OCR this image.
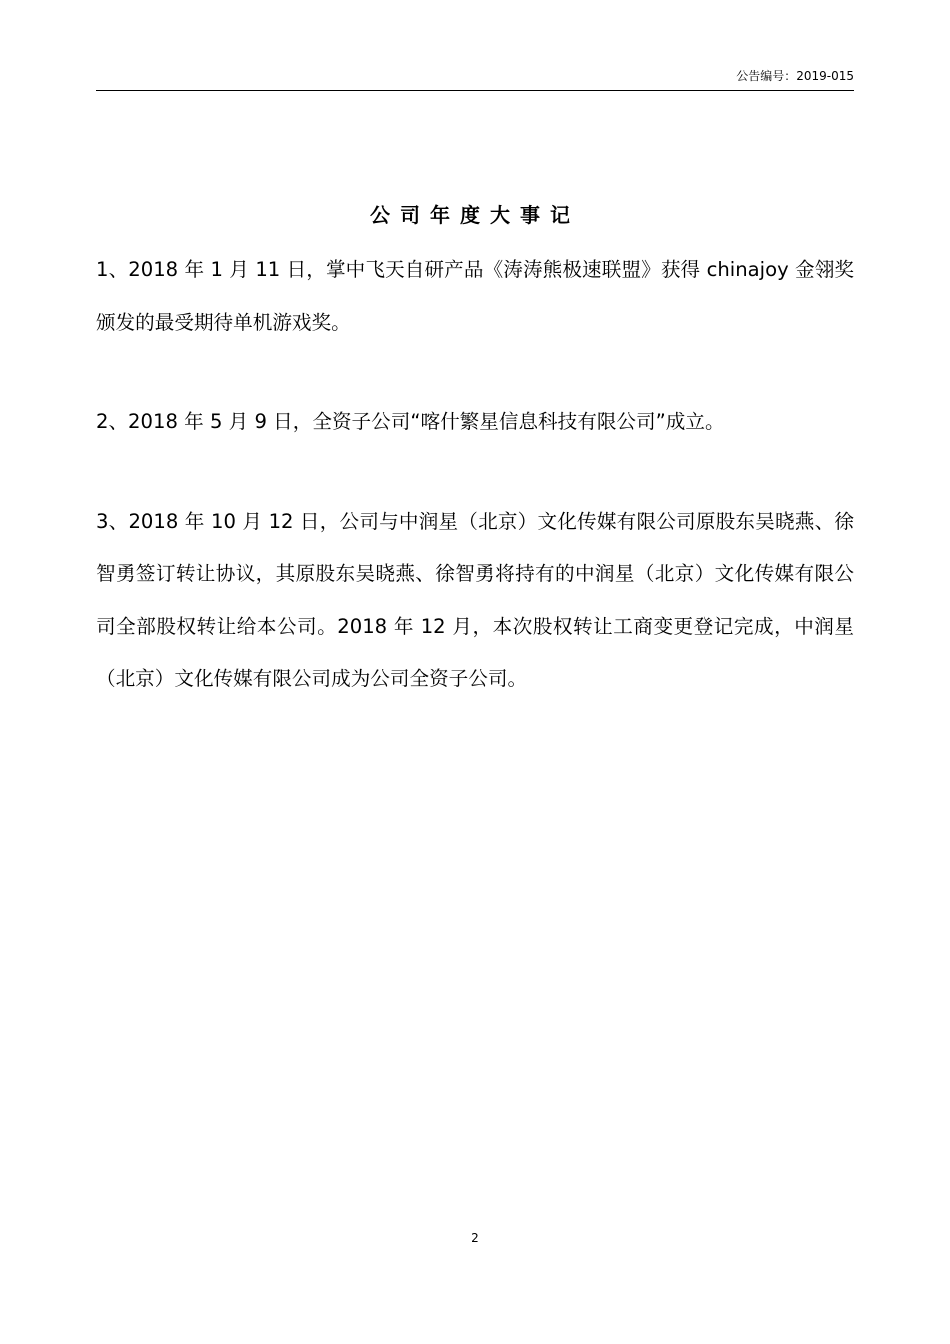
公告编号：2019-015
公司年度大事记

1、2018 年 1 月 11 日，掌中飞天自研产品《涛涛熊极速联盟》获得 chinajoy 金翎奖颁发的最受期待单机游戏奖。

2、2018 年 5 月 9 日，全资子公司“喀什繁星信息科技有限公司”成立。

3、2018 年 10 月 12 日，公司与中润星（北京）文化传媒有限公司原股东吴晓燕、徐智勇签订转让协议，其原股东吴晓燕、徐智勇将持有的中润星（北京）文化传媒有限公司全部股权转让给本公司。2018 年 12 月，本次股权转让工商变更登记完成，中润星（北京）文化传媒有限公司成为公司全资子公司。

2
